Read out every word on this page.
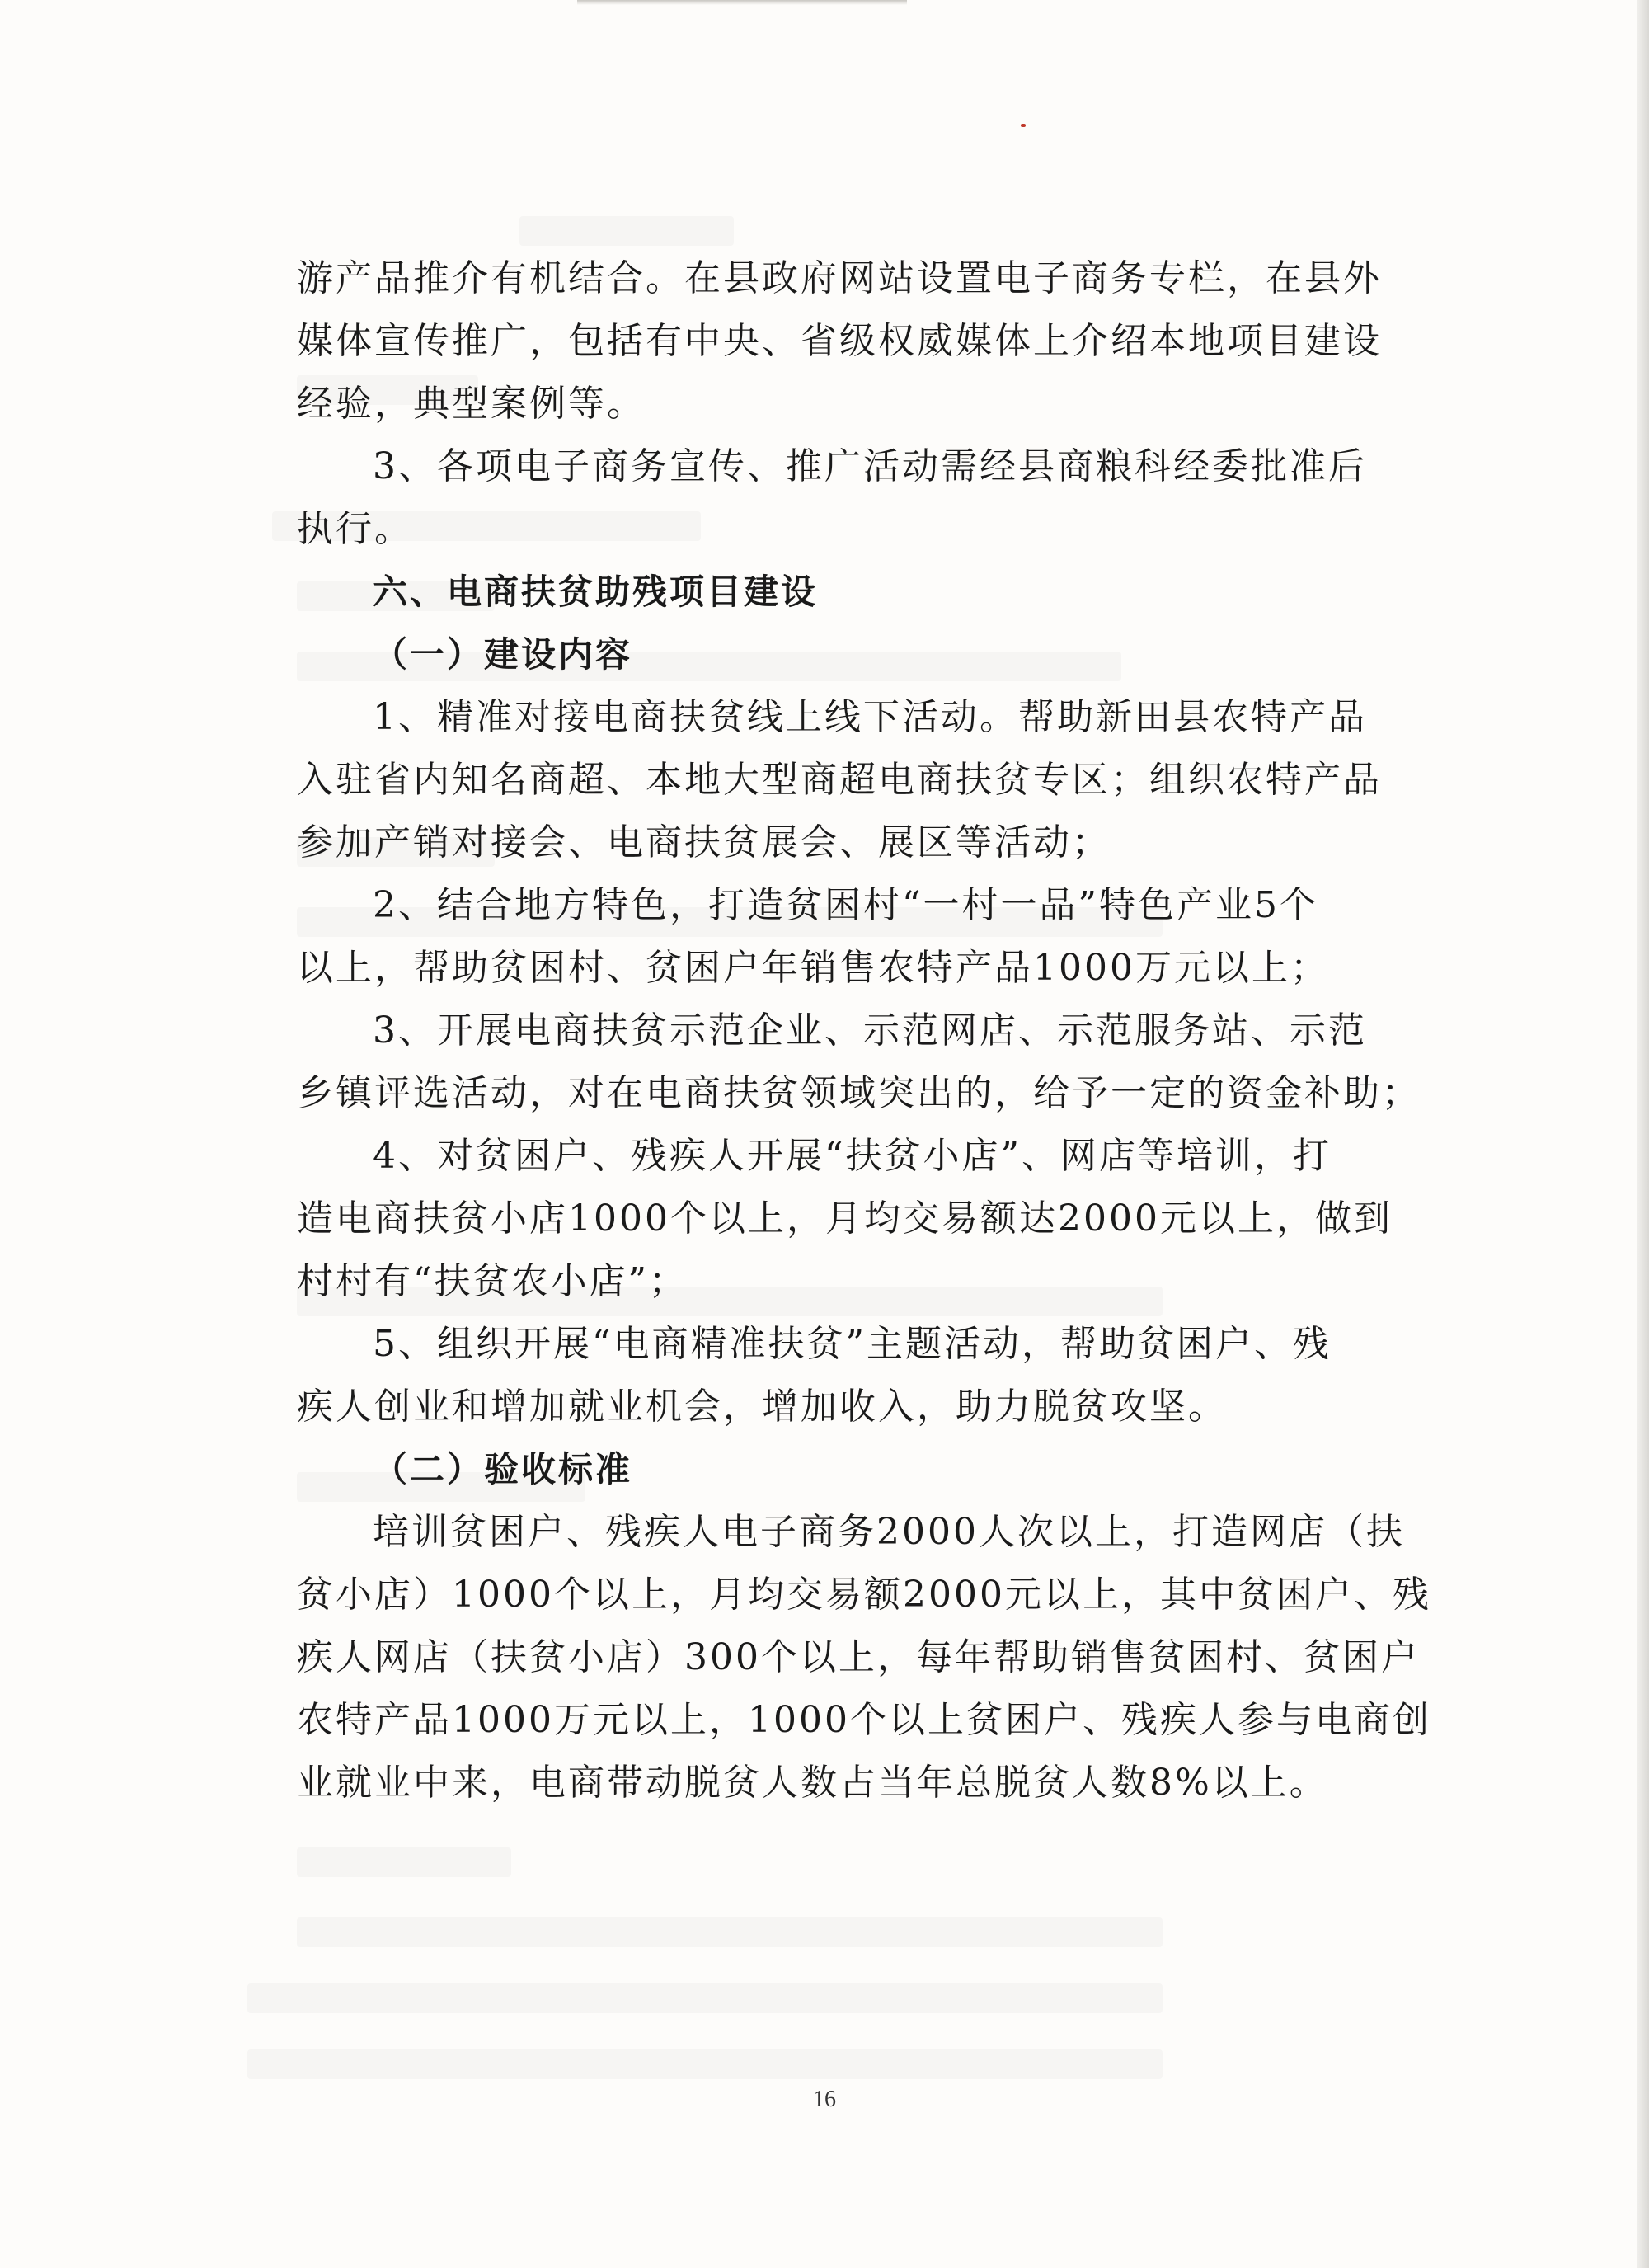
游产品推介有机结合。在县政府网站设置电子商务专栏，在县外
媒体宣传推广，包括有中央、省级权威媒体上介绍本地项目建设
经验，典型案例等。
3、各项电子商务宣传、推广活动需经县商粮科经委批准后
执行。
六、电商扶贫助残项目建设
（一）建设内容
1、精准对接电商扶贫线上线下活动。帮助新田县农特产品
入驻省内知名商超、本地大型商超电商扶贫专区；组织农特产品
参加产销对接会、电商扶贫展会、展区等活动；
2、结合地方特色，打造贫困村“一村一品”特色产业5个
以上，帮助贫困村、贫困户年销售农特产品1000万元以上；
3、开展电商扶贫示范企业、示范网店、示范服务站、示范
乡镇评选活动，对在电商扶贫领域突出的，给予一定的资金补助；
4、对贫困户、残疾人开展“扶贫小店”、网店等培训，打
造电商扶贫小店1000个以上，月均交易额达2000元以上，做到
村村有“扶贫农小店”；
5、组织开展“电商精准扶贫”主题活动，帮助贫困户、残
疾人创业和增加就业机会，增加收入，助力脱贫攻坚。
（二）验收标准
培训贫困户、残疾人电子商务2000人次以上，打造网店（扶
贫小店）1000个以上，月均交易额2000元以上，其中贫困户、残
疾人网店（扶贫小店）300个以上，每年帮助销售贫困村、贫困户
农特产品1000万元以上，1000个以上贫困户、残疾人参与电商创
业就业中来，电商带动脱贫人数占当年总脱贫人数8%以上。
16
